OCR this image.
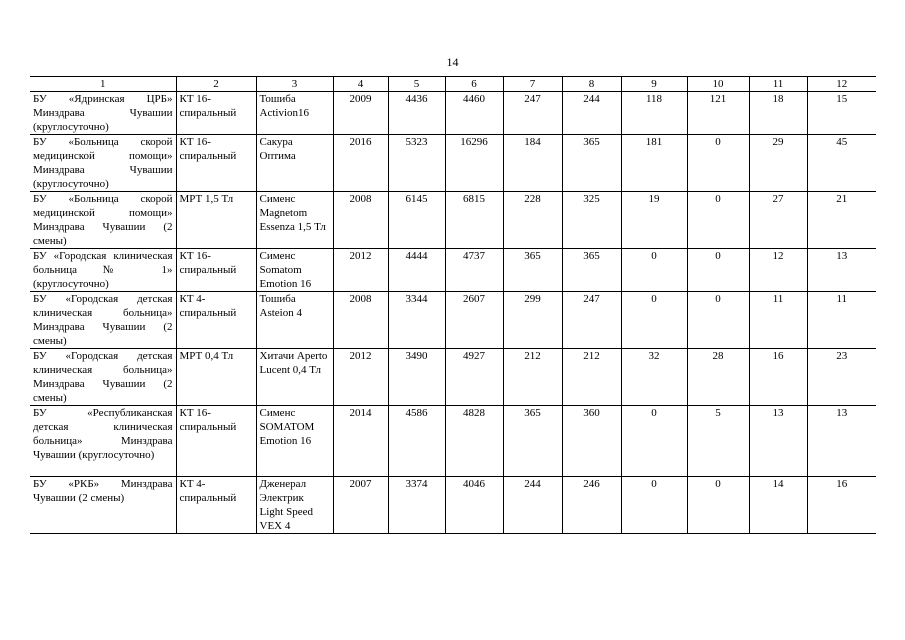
14
1	2	3	4	5	6	7	8	9	10	11	12
БУ «Ядринская ЦРБ» Минздрава Чувашии (круглосуточно)	КТ 16-спиральный	Тошиба Activion16	2009	4436	4460	247	244	118	121	18	15
БУ «Больница скорой медицинской помощи» Минздрава Чувашии (круглосуточно)	КТ 16-спиральный	Сакура Оптима	2016	5323	16296	184	365	181	0	29	45
БУ «Больница скорой медицинской помощи» Минздрава Чувашии (2 смены)	МРТ 1,5 Тл	Сименс Magnetom Essenza 1,5 Тл	2008	6145	6815	228	325	19	0	27	21
БУ «Городская клиническая больница № 1» (круглосуточно)	КТ 16-спиральный	Сименс Somatom Emotion 16	2012	4444	4737	365	365	0	0	12	13
БУ «Городская детская клиническая больница» Минздрава Чувашии (2 смены)	КТ 4-спиральный	Тошиба Asteion 4	2008	3344	2607	299	247	0	0	11	11
БУ «Городская детская клиническая больница» Минздрава Чувашии (2 смены)	МРТ 0,4 Тл	Хитачи Aperto Lucent 0,4 Тл	2012	3490	4927	212	212	32	28	16	23
БУ «Республиканская детская клиническая больница» Минздрава Чувашии (круглосуточно)	КТ 16-спиральный	Сименс SOMATOM Emotion 16	2014	4586	4828	365	360	0	5	13	13
БУ «РКБ» Минздрава Чувашии (2 смены)	КТ 4-спиральный	Дженерал Электрик Light Speed VEX 4	2007	3374	4046	244	246	0	0	14	16
